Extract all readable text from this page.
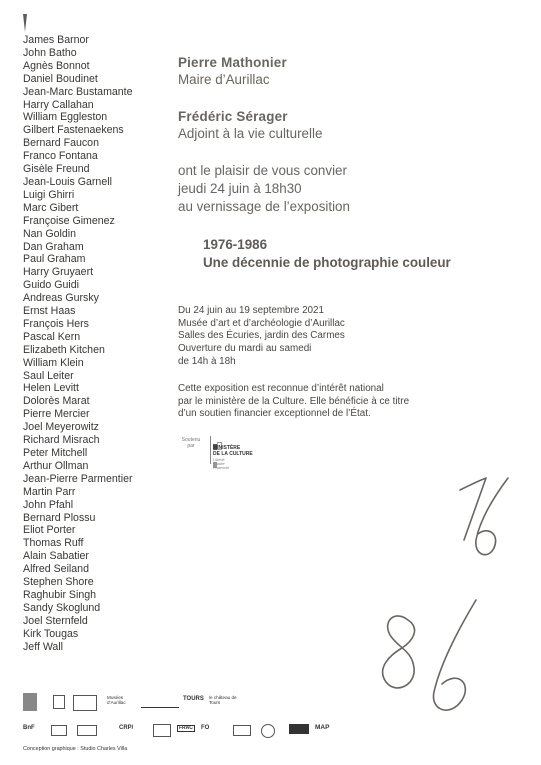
James Barnor
John Batho
Agnès Bonnot
Daniel Boudinet
Jean-Marc Bustamante
Harry Callahan
William Eggleston
Gilbert Fastenaekens
Bernard Faucon
Franco Fontana
Gisèle Freund
Jean-Louis Garnell
Luigi Ghirri
Marc Gibert
Françoise Gimenez
Nan Goldin
Dan Graham
Paul Graham
Harry Gruyaert
Guido Guidi
Andreas Gursky
Ernst Haas
François Hers
Pascal Kern
Elizabeth Kitchen
William Klein
Saul Leiter
Helen Levitt
Dolorès Marat
Pierre Mercier
Joel Meyerowitz
Richard Misrach
Peter Mitchell
Arthur Ollman
Jean-Pierre Parmentier
Martin Parr
John Pfahl
Bernard Plossu
Eliot Porter
Thomas Ruff
Alain Sabatier
Alfred Seiland
Stephen Shore
Raghubir Singh
Sandy Skoglund
Joel Sternfeld
Kirk Tougas
Jeff Wall
Pierre Mathonier
Maire d’Aurillac
Frédéric Sérager
Adjoint à la vie culturelle
ont le plaisir de vous convier
jeudi 24 juin à 18h30
au vernissage de l’exposition
1976-1986
Une décennie de photographie couleur
Du 24 juin au 19 septembre 2021
Musée d’art et d’archéologie d’Aurillac
Salles des Écuries, jardin des Carmes
Ouverture du mardi au samedi
de 14h à 18h
Cette exposition est reconnue d’intérêt national
par le ministère de la Culture. Elle bénéficie à ce titre
d’un soutien financier exceptionnel de l’État.
Soutenu
par	MINISTÈRE
DE LA CULTURE
Liberté
Égalité
Fraternité
Musées d’Aurillac
TOURS le château de Tours
BnF	CRP/	FRAC	FO	MAP
Conception graphique : Studio Charles Villa
